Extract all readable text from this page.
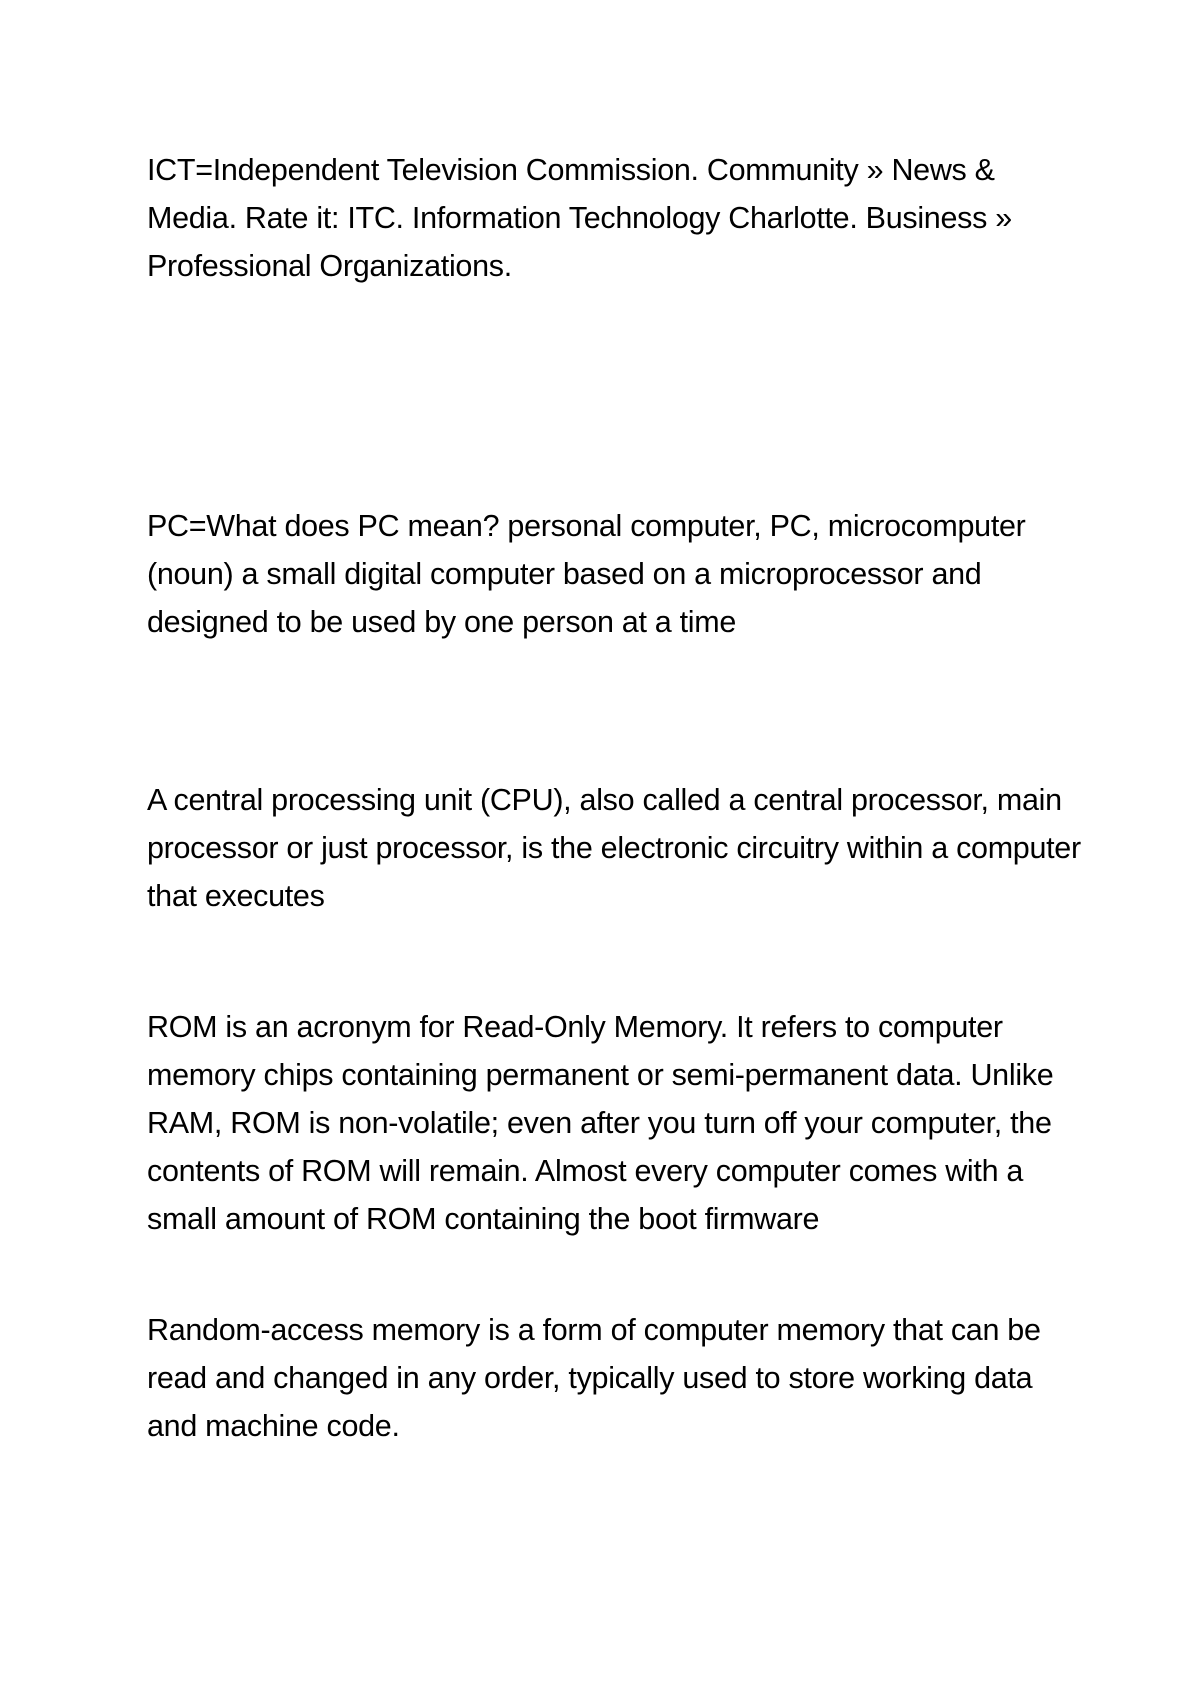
ICT=Independent Television Commission. Community » News & Media. Rate it: ITC. Information Technology Charlotte. Business » Professional Organizations.

PC=What does PC mean? personal computer, PC, microcomputer (noun) a small digital computer based on a microprocessor and designed to be used by one person at a time

A central processing unit (CPU), also called a central processor, main processor or just processor, is the electronic circuitry within a computer that executes

ROM is an acronym for Read-Only Memory. It refers to computer memory chips containing permanent or semi-permanent data. Unlike RAM, ROM is non-volatile; even after you turn off your computer, the contents of ROM will remain. Almost every computer comes with a small amount of ROM containing the boot firmware

Random-access memory is a form of computer memory that can be read and changed in any order, typically used to store working data and machine code.
